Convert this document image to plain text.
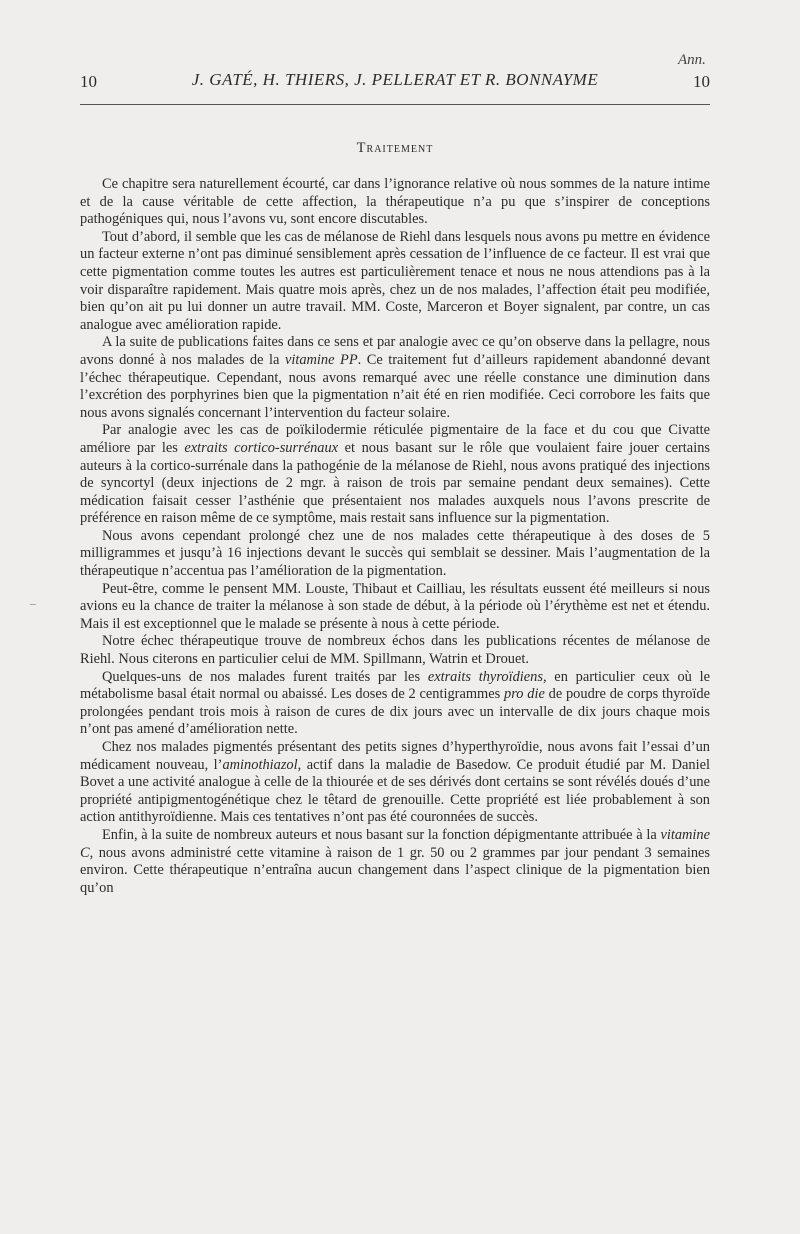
Ann.
10	J. GATÉ, H. THIERS, J. PELLERAT ET R. BONNAYME	10
Traitement
–

Ce chapitre sera naturellement écourté, car dans l’ignorance relative où nous sommes de la nature intime et de la cause véritable de cette affection, la thérapeutique n’a pu que s’inspirer de conceptions pathogéniques qui, nous l’avons vu, sont encore discutables.

Tout d’abord, il semble que les cas de mélanose de Riehl dans lesquels nous avons pu mettre en évidence un facteur externe n’ont pas diminué sensiblement après cessation de l’influence de ce facteur. Il est vrai que cette pigmentation comme toutes les autres est particulièrement tenace et nous ne nous attendions pas à la voir disparaître rapidement. Mais quatre mois après, chez un de nos malades, l’affection était peu modifiée, bien qu’on ait pu lui donner un autre travail. MM. Coste, Marceron et Boyer signalent, par contre, un cas analogue avec amélioration rapide.

A la suite de publications faites dans ce sens et par analogie avec ce qu’on observe dans la pellagre, nous avons donné à nos malades de la vitamine PP. Ce traitement fut d’ailleurs rapidement abandonné devant l’échec thérapeutique. Cependant, nous avons remarqué avec une réelle constance une diminution dans l’excrétion des porphyrines bien que la pigmentation n’ait été en rien modifiée. Ceci corrobore les faits que nous avons signalés concernant l’intervention du facteur solaire.

Par analogie avec les cas de poïkilodermie réticulée pigmentaire de la face et du cou que Civatte améliore par les extraits cortico-surrénaux et nous basant sur le rôle que voulaient faire jouer certains auteurs à la cortico-surrénale dans la pathogénie de la mélanose de Riehl, nous avons pratiqué des injections de syncortyl (deux injections de 2 mgr. à raison de trois par semaine pendant deux semaines). Cette médication faisait cesser l’asthénie que présentaient nos malades auxquels nous l’avons prescrite de préférence en raison même de ce symptôme, mais restait sans influence sur la pigmentation.

Nous avons cependant prolongé chez une de nos malades cette thérapeutique à des doses de 5 milligrammes et jusqu’à 16 injections devant le succès qui semblait se dessiner. Mais l’augmentation de la thérapeutique n’accentua pas l’amélioration de la pigmentation.

Peut-être, comme le pensent MM. Louste, Thibaut et Cailliau, les résultats eussent été meilleurs si nous avions eu la chance de traiter la mélanose à son stade de début, à la période où l’érythème est net et étendu. Mais il est exceptionnel que le malade se présente à nous à cette période.

Notre échec thérapeutique trouve de nombreux échos dans les publications récentes de mélanose de Riehl. Nous citerons en particulier celui de MM. Spillmann, Watrin et Drouet.

Quelques-uns de nos malades furent traités par les extraits thyroïdiens, en particulier ceux où le métabolisme basal était normal ou abaissé. Les doses de 2 centigrammes pro die de poudre de corps thyroïde prolongées pendant trois mois à raison de cures de dix jours avec un intervalle de dix jours chaque mois n’ont pas amené d’amélioration nette.

Chez nos malades pigmentés présentant des petits signes d’hyperthyroïdie, nous avons fait l’essai d’un médicament nouveau, l’aminothiazol, actif dans la maladie de Basedow. Ce produit étudié par M. Daniel Bovet a une activité analogue à celle de la thiourée et de ses dérivés dont certains se sont révélés doués d’une propriété antipigmentogénétique chez le têtard de grenouille. Cette propriété est liée probablement à son action antithyroïdienne. Mais ces tentatives n’ont pas été couronnées de succès.

Enfin, à la suite de nombreux auteurs et nous basant sur la fonction dépigmentante attribuée à la vitamine C, nous avons administré cette vitamine à raison de 1 gr. 50 ou 2 grammes par jour pendant 3 semaines environ. Cette thérapeutique n’entraîna aucun changement dans l’aspect clinique de la pigmentation bien qu’on
